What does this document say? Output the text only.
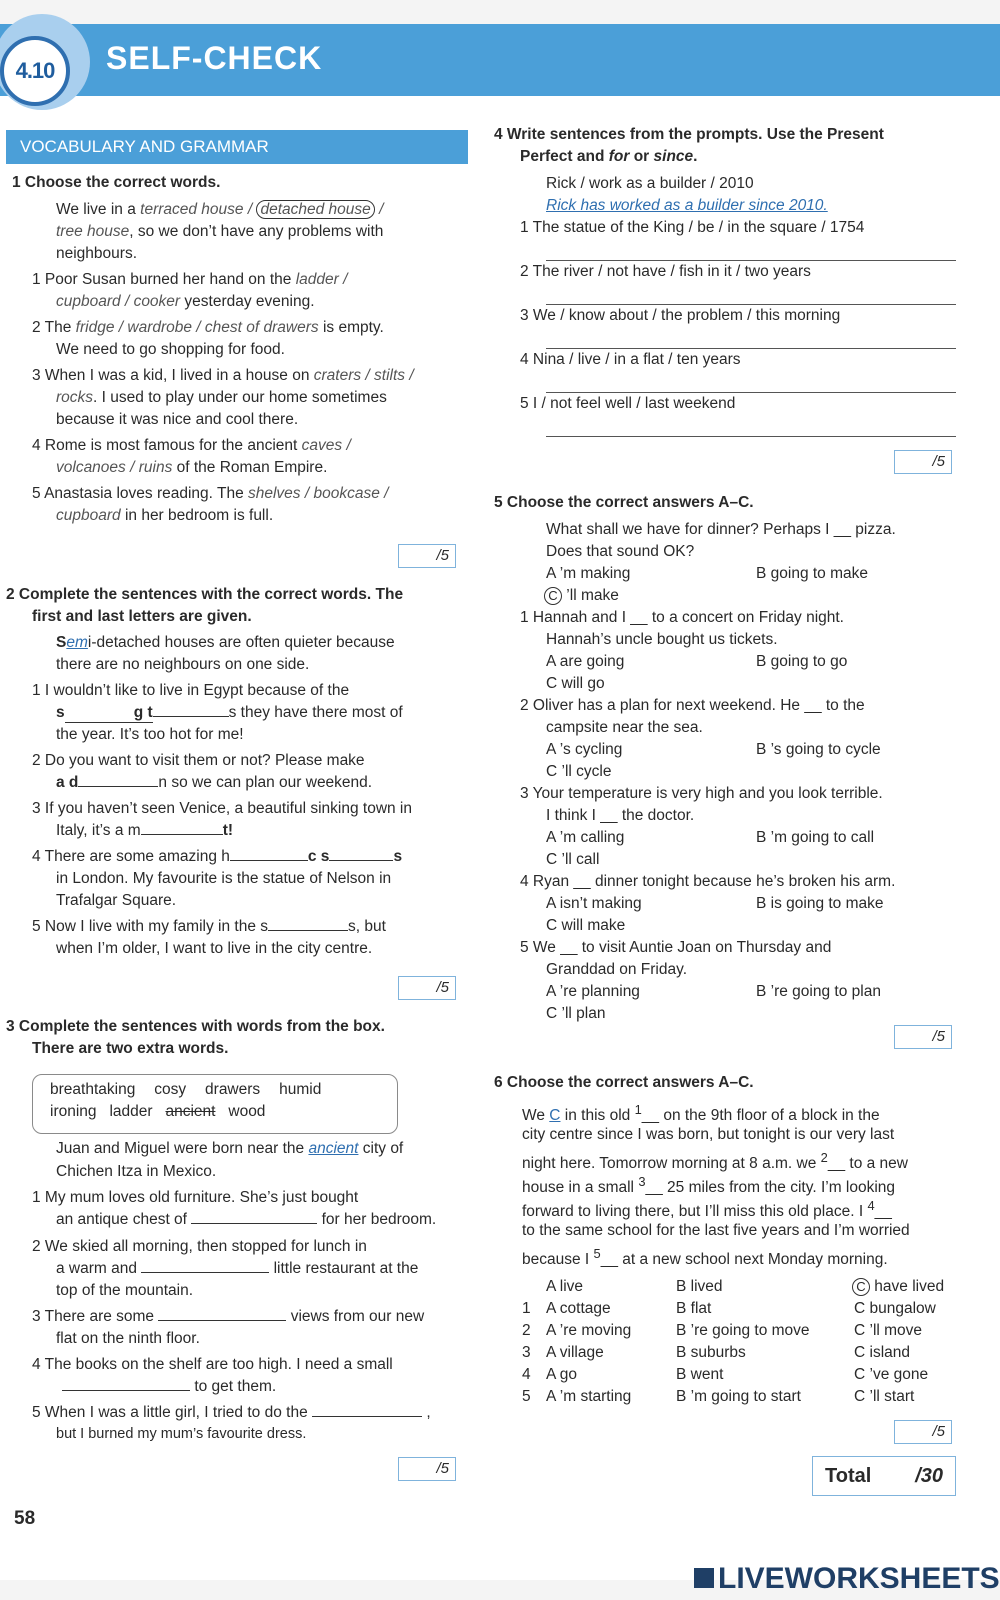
4.10	SELF-CHECK
VOCABULARY AND GRAMMAR
1 Choose the correct words.
We live in a terraced house / detached house /
tree house, so we don’t have any problems with
neighbours.
1 Poor Susan burned her hand on the ladder /
cupboard / cooker yesterday evening.
2 The fridge / wardrobe / chest of drawers is empty.
We need to go shopping for food.
3 When I was a kid, I lived in a house on craters / stilts /
rocks. I used to play under our home sometimes
because it was nice and cool there.
4 Rome is most famous for the ancient caves /
volcanoes / ruins of the Roman Empire.
5 Anastasia loves reading. The shelves / bookcase /
cupboard in her bedroom is full.
/5
2 Complete the sentences with the correct words. The
first and last letters are given.
Semi-detached houses are often quieter because
there are no neighbours on one side.
1 I wouldn’t like to live in Egypt because of the
s	g t	s they have there most of
the year. It’s too hot for me!
2 Do you want to visit them or not? Please make
a d	n so we can plan our weekend.
3 If you haven’t seen Venice, a beautiful sinking town in
Italy, it’s a m	t!
4 There are some amazing h	c s	s
in London. My favourite is the statue of Nelson in
Trafalgar Square.
5 Now I live with my family in the s	s, but
when I’m older, I want to live in the city centre.
/5
3 Complete the sentences with words from the box.
There are two extra words.
breathtaking cosy drawers humid
ironing ladder ancient wood
Juan and Miguel were born near the ancient city of
Chichen Itza in Mexico.
1 My mum loves old furniture. She’s just bought
an antique chest of	for her bedroom.
2 We skied all morning, then stopped for lunch in
a warm and	little restaurant at the
top of the mountain.
3 There are some	views from our new
flat on the ninth floor.
4 The books on the shelf are too high. I need a small
to get them.
5 When I was a little girl, I tried to do the	,
but I burned my mum’s favourite dress.
/5
58
4 Write sentences from the prompts. Use the Present
Perfect and for or since.
Rick / work as a builder / 2010
Rick has worked as a builder since 2010.
1 The statue of the King / be / in the square / 1754
2 The river / not have / fish in it / two years
3 We / know about / the problem / this morning
4 Nina / live / in a flat / ten years
5 I / not feel well / last weekend
/5
5 Choose the correct answers A–C.
What shall we have for dinner? Perhaps I __ pizza.
Does that sound OK?
A ’m making	B going to make
C ’ll make
1 Hannah and I __ to a concert on Friday night.
Hannah’s uncle bought us tickets.
A are going	B going to go
C will go
2 Oliver has a plan for next weekend. He __ to the
campsite near the sea.
A ’s cycling	B ’s going to cycle
C ’ll cycle
3 Your temperature is very high and you look terrible.
I think I __ the doctor.
A ’m calling	B ’m going to call
C ’ll call
4 Ryan __ dinner tonight because he’s broken his arm.
A isn’t making	B is going to make
C will make
5 We __ to visit Auntie Joan on Thursday and
Granddad on Friday.
A ’re planning	B ’re going to plan
C ’ll plan
/5
6 Choose the correct answers A–C.
We C in this old $^1$__ on the 9th floor of a block in the
city centre since I was born, but tonight is our very last
night here. Tomorrow morning at 8 a.m. we $^2$__ to a new
house in a small $^3$__ 25 miles from the city. I’m looking
forward to living there, but I’ll miss this old place. I $^4$__
to the same school for the last five years and I’m worried
because I $^5$__ at a new school next Monday morning.
A live	B lived	C have lived
1 A cottage	B flat	C bungalow
2 A ’re moving	B ’re going to move	C ’ll move
3 A village	B suburbs	C island
4 A go	B went	C ’ve gone
5 A ’m starting	B ’m going to start	C ’ll start
/5
Total /30
LIVEWORKSHEETS
